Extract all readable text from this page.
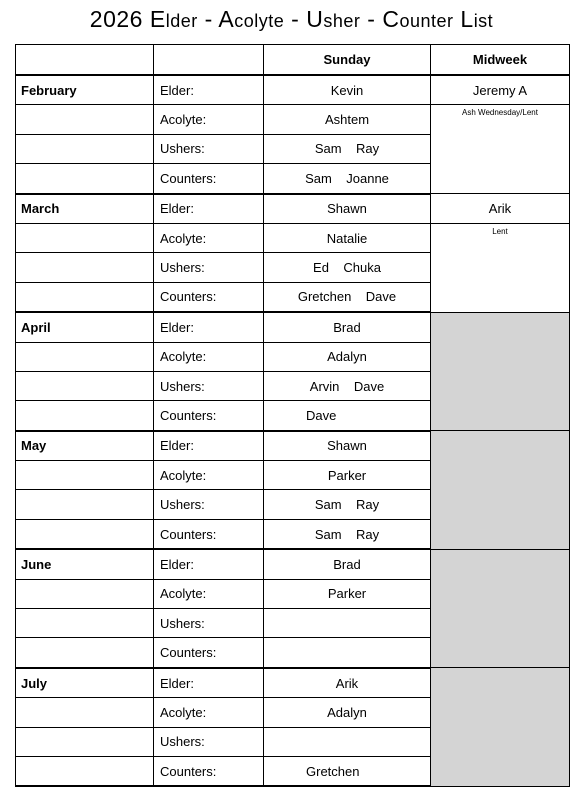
2026 Elder - Acolyte - Usher - Counter List
		Sunday	Midweek
February	Elder:	Kevin	Jeremy A
	Acolyte:	Ashtem	Ash Wednesday/Lent

	Ushers:	Sam    Ray	
	Counters:	Sam    Joanne	
March	Elder:	Shawn	Arik
	Acolyte:	Natalie	Lent

	Ushers:	Ed    Chuka	
	Counters:	Gretchen    Dave	
April	Elder:	Brad	
	Acolyte:	Adalyn	
	Ushers:	Arvin    Dave	
	Counters:	Dave	
May	Elder:	Shawn	
	Acolyte:	Parker	
	Ushers:	Sam    Ray	
	Counters:	Sam    Ray	
June	Elder:	Brad	
	Acolyte:	Parker	
	Ushers:		
	Counters:		
July	Elder:	Arik	
	Acolyte:	Adalyn	
	Ushers:		
	Counters:	Gretchen	
